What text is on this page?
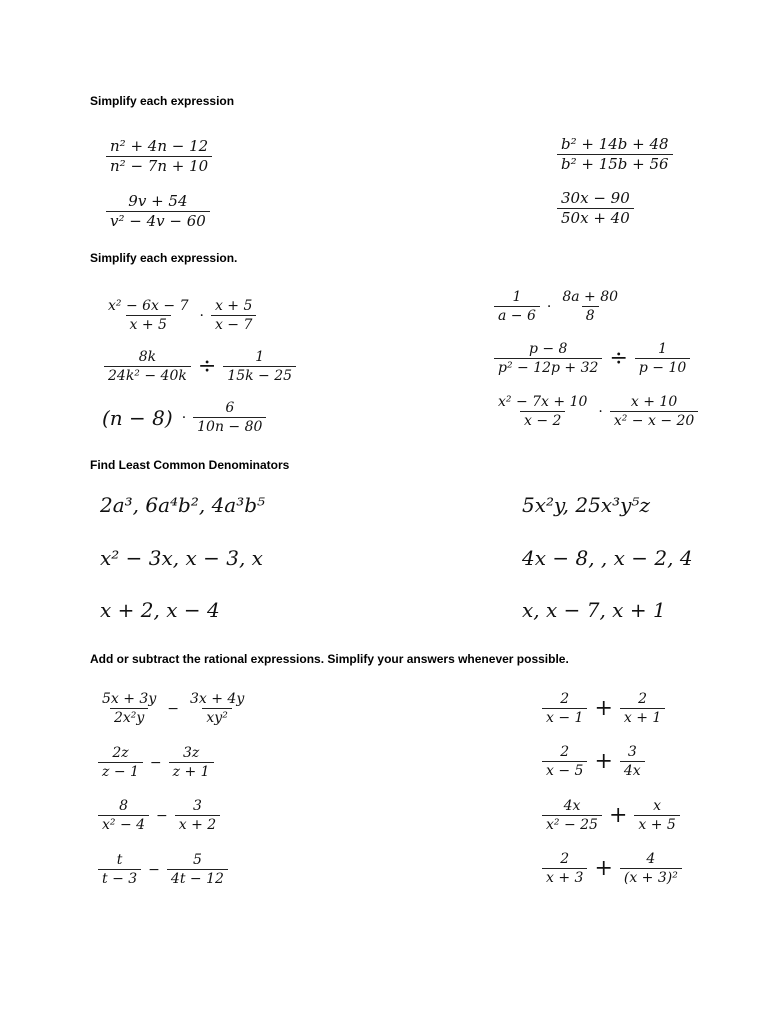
Simplify each expression
$\frac{\text{n² + 4n − 12}}{\text{n² − 7n + 10}}$	$\frac{\text{b² + 14b + 48}}{\text{b² + 15b + 56}}$
$\frac{9v + 54}{\text{v² − 4v − 60}}$	$\frac{30x - 90}{50x + 40}$
Simplify each expression.
$\frac{\text{x² − 6x − 7}}{x + 5} \cdot \frac{x + 5}{x - 7}$	$\frac{1}{a - 6} \cdot \frac{8a + 80}{8}$
$\frac{8k}{\text{24k² − 40k}} \div \frac{1}{15k - 25}$	$\frac{p - 8}{\text{p² − 12p + 32}} \div \frac{1}{p - 10}$
$(n - 8) \cdot \frac{6}{10n - 80}$	$\frac{\text{x² − 7x + 10}}{x - 2} \cdot \frac{x + 10}{\text{x² − x − 20}}$
Find Least Common Denominators
2a³, 6a⁴b², 4a³b⁵	5x²y, 25x³y⁵z
x² − 3x, x − 3, x	4x − 8, , x − 2, 4
x + 2, x − 4	x, x − 7, x + 1
Add or subtract the rational expressions. Simplify your answers whenever possible.
$\frac{5x + 3y}{\text{2x²y}} - \frac{3x + 4y}{\text{xy²}}$	$\frac{2}{x - 1} + \frac{2}{x + 1}$
$\frac{2z}{z - 1} - \frac{3z}{z + 1}$	$\frac{2}{x - 5} + \frac{3}{4x}$
$\frac{8}{\text{x² − 4}} - \frac{3}{x + 2}$	$\frac{4x}{\text{x² − 25}} + \frac{x}{x + 5}$
$\frac{t}{t - 3} - \frac{5}{4t - 12}$	$\frac{2}{x + 3} + \frac{4}{\text{(x + 3)²}}$
